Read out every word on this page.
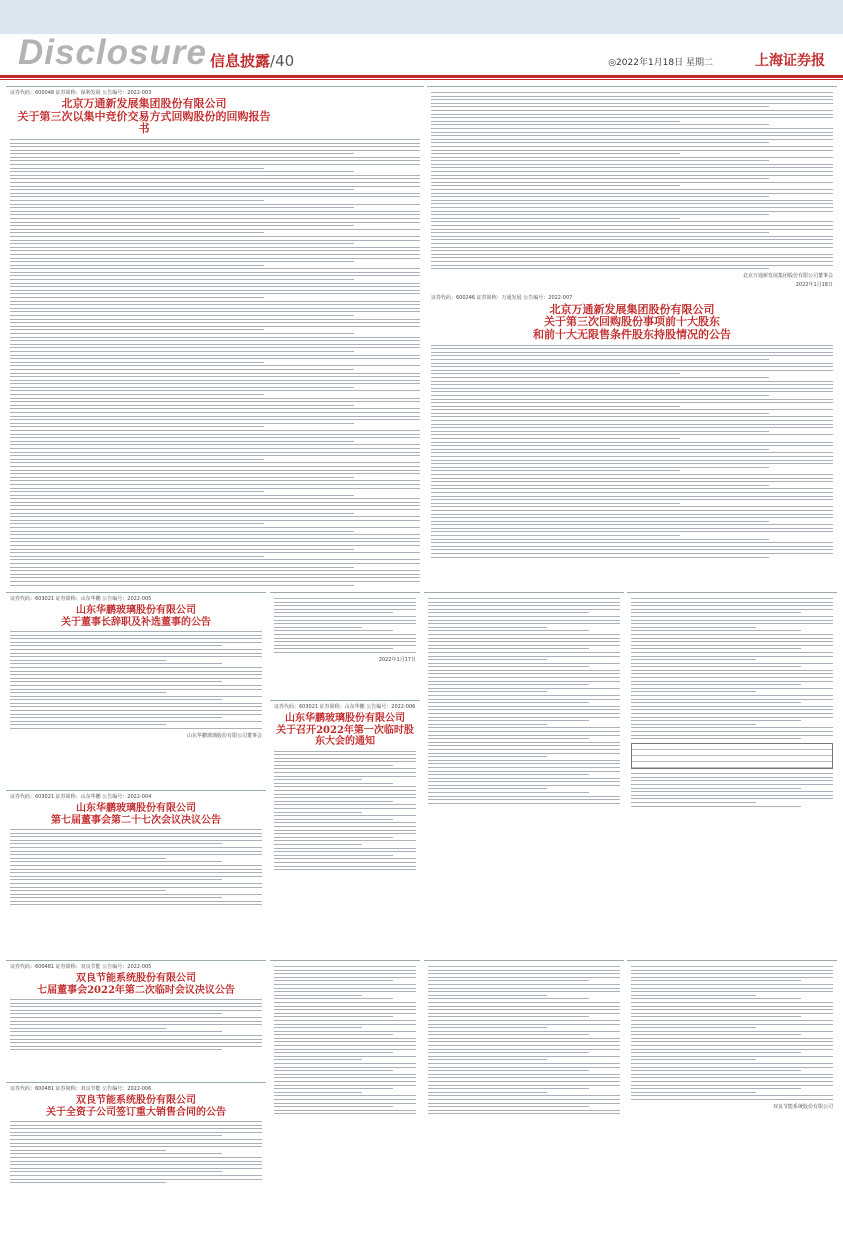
Disclosure 信息披露/40	◎2022年1月18日 星期二	上海证券报
证券代码：600048 证券简称：保利发展 公告编号：2022-003
北京万通新发展集团股份有限公司
关于第三次以集中竞价交易方式回购股份的回购报告书
北京万通新发展集团股份有限公司董事会
2022年1月18日
证券代码：600246 证券简称：万通发展 公告编号：2022-007
北京万通新发展集团股份有限公司
关于第三次回购股份事项前十大股东
和前十大无限售条件股东持股情况的公告
证券代码：603021 证券简称：山东华鹏 公告编号：2022-005
山东华鹏玻璃股份有限公司
关于董事长辞职及补选董事的公告
山东华鹏玻璃股份有限公司董事会
证券代码：603021 证券简称：山东华鹏 公告编号：2022-004
山东华鹏玻璃股份有限公司
第七届董事会第二十七次会议决议公告
2022年1月17日
证券代码：603021 证券简称：山东华鹏 公告编号：2022-006
山东华鹏玻璃股份有限公司
关于召开2022年第一次临时股东大会的通知
证券代码：600481 证券简称：双良节能 公告编号：2022-005
双良节能系统股份有限公司
七届董事会2022年第二次临时会议决议公告
证券代码：600481 证券简称：双良节能 公告编号：2022-006
双良节能系统股份有限公司
关于全资子公司签订重大销售合同的公告	双良节能系统股份有限公司
